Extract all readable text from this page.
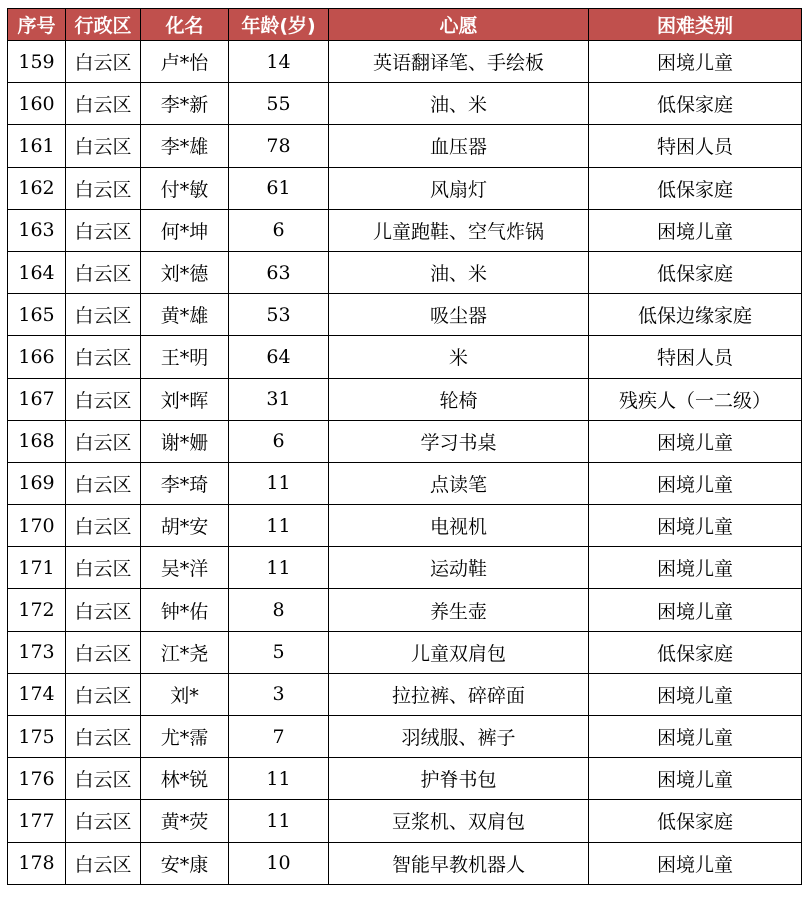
序号	行政区	化名	年龄(岁)	心愿	困难类别
159	白云区	卢*怡	14	英语翻译笔、手绘板	困境儿童
160	白云区	李*新	55	油、米	低保家庭
161	白云区	李*雄	78	血压器	特困人员
162	白云区	付*敏	61	风扇灯	低保家庭
163	白云区	何*坤	6	儿童跑鞋、空气炸锅	困境儿童
164	白云区	刘*德	63	油、米	低保家庭
165	白云区	黄*雄	53	吸尘器	低保边缘家庭
166	白云区	王*明	64	米	特困人员
167	白云区	刘*晖	31	轮椅	残疾人（一二级）
168	白云区	谢*姗	6	学习书桌	困境儿童
169	白云区	李*琦	11	点读笔	困境儿童
170	白云区	胡*安	11	电视机	困境儿童
171	白云区	吴*洋	11	运动鞋	困境儿童
172	白云区	钟*佑	8	养生壶	困境儿童
173	白云区	江*尧	5	儿童双肩包	低保家庭
174	白云区	刘*	3	拉拉裤、碎碎面	困境儿童
175	白云区	尤*霈	7	羽绒服、裤子	困境儿童
176	白云区	林*锐	11	护脊书包	困境儿童
177	白云区	黄*荧	11	豆浆机、双肩包	低保家庭
178	白云区	安*康	10	智能早教机器人	困境儿童
